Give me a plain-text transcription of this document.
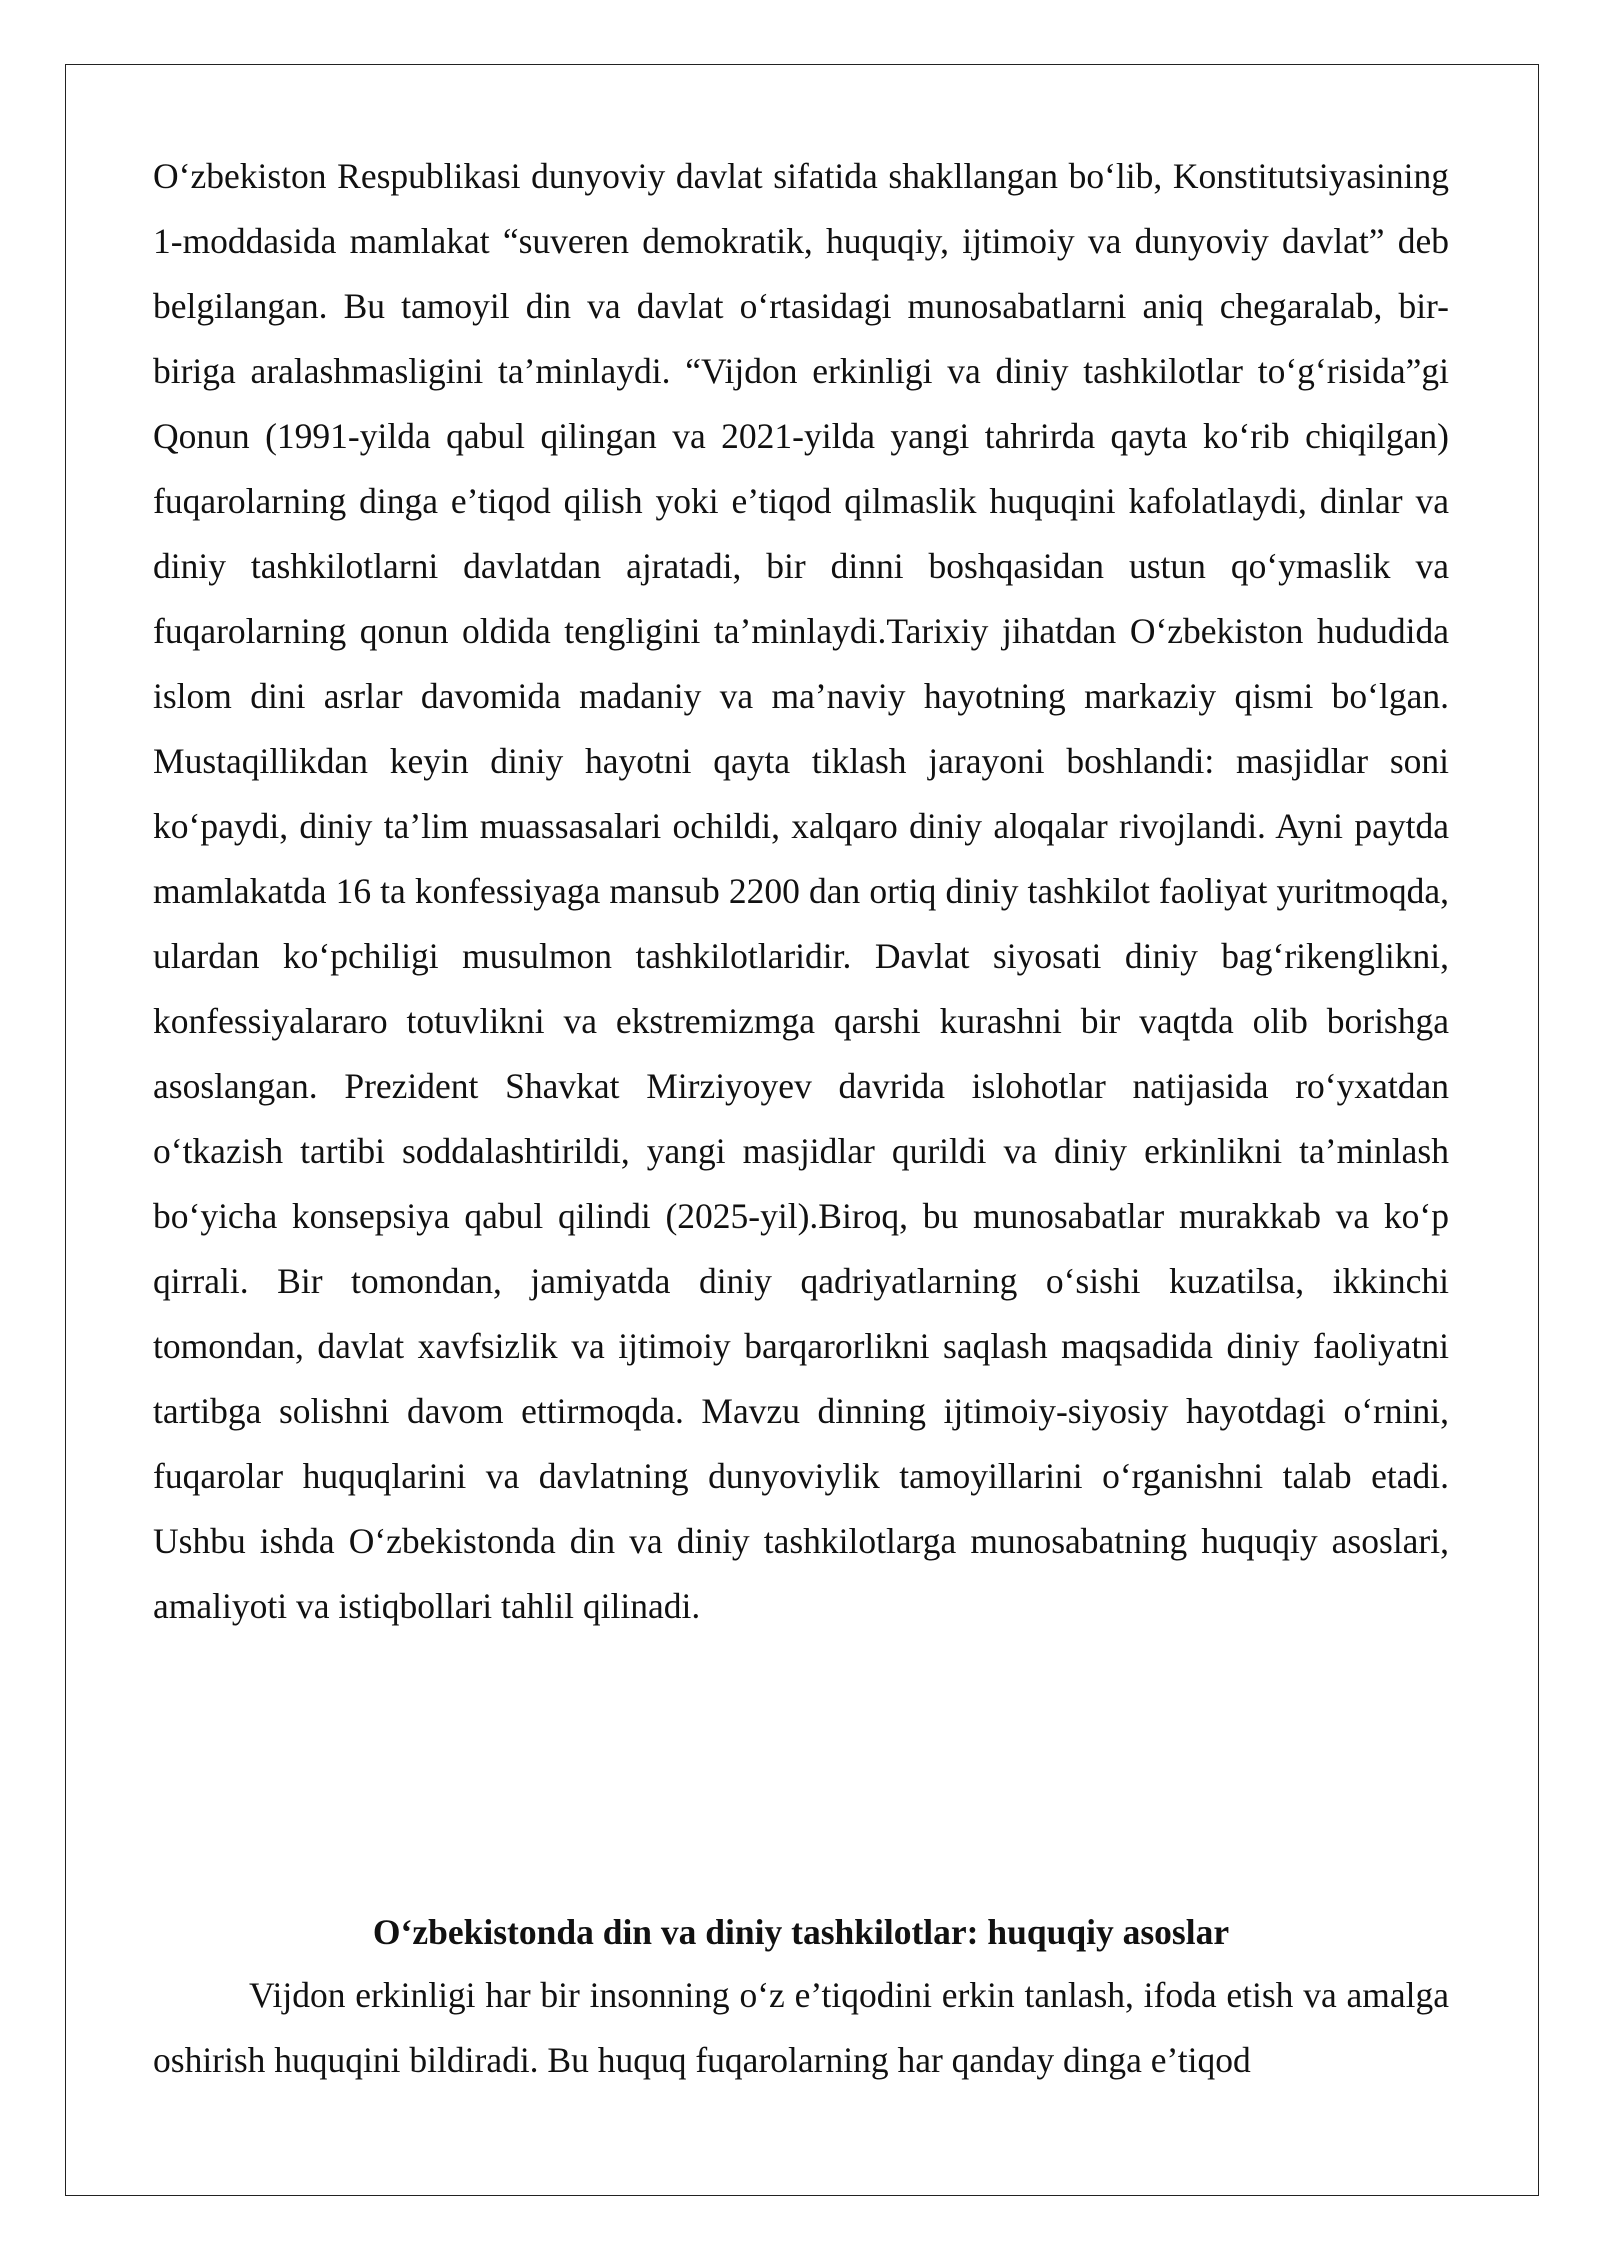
O‘zbekiston Respublikasi dunyoviy davlat sifatida shakllangan bo‘lib, Konstitutsiyasining 1-moddasida mamlakat “suveren demokratik, huquqiy, ijtimoiy va dunyoviy davlat” deb belgilangan. Bu tamoyil din va davlat o‘rtasidagi munosabatlarni aniq chegaralab, bir-biriga aralashmasligini ta’minlaydi. “Vijdon erkinligi va diniy tashkilotlar to‘g‘risida”gi Qonun (1991-yilda qabul qilingan va 2021-yilda yangi tahrirda qayta ko‘rib chiqilgan) fuqarolarning dinga e’tiqod qilish yoki e’tiqod qilmaslik huquqini kafolatlaydi, dinlar va diniy tashkilotlarni davlatdan ajratadi, bir dinni boshqasidan ustun qo‘ymaslik va fuqarolarning qonun oldida tengligini ta’minlaydi.Tarixiy jihatdan O‘zbekiston hududida islom dini asrlar davomida madaniy va ma’naviy hayotning markaziy qismi bo‘lgan. Mustaqillikdan keyin diniy hayotni qayta tiklash jarayoni boshlandi: masjidlar soni ko‘paydi, diniy ta’lim muassasalari ochildi, xalqaro diniy aloqalar rivojlandi. Ayni paytda mamlakatda 16 ta konfessiyaga mansub 2200 dan ortiq diniy tashkilot faoliyat yuritmoqda, ulardan ko‘pchiligi musulmon tashkilotlaridir. Davlat siyosati diniy bag‘rikenglikni, konfessiyalararo totuvlikni va ekstremizmga qarshi kurashni bir vaqtda olib borishga asoslangan. Prezident Shavkat Mirziyoyev davrida islohotlar natijasida ro‘yxatdan o‘tkazish tartibi soddalashtirildi, yangi masjidlar qurildi va diniy erkinlikni ta’minlash bo‘yicha konsepsiya qabul qilindi (2025-yil).Biroq, bu munosabatlar murakkab va ko‘p qirrali. Bir tomondan, jamiyatda diniy qadriyatlarning o‘sishi kuzatilsa, ikkinchi tomondan, davlat xavfsizlik va ijtimoiy barqarorlikni saqlash maqsadida diniy faoliyatni tartibga solishni davom ettirmoqda. Mavzu dinning ijtimoiy-siyosiy hayotdagi o‘rnini, fuqarolar huquqlarini va davlatning dunyoviylik tamoyillarini o‘rganishni talab etadi. Ushbu ishda O‘zbekistonda din va diniy tashkilotlarga munosabatning huquqiy asoslari, amaliyoti va istiqbollari tahlil qilinadi.

O‘zbekistonda din va diniy tashkilotlar: huquqiy asoslar

Vijdon erkinligi har bir insonning o‘z e’tiqodini erkin tanlash, ifoda etish va amalga oshirish huquqini bildiradi. Bu huquq fuqarolarning har qanday dinga e’tiqod
